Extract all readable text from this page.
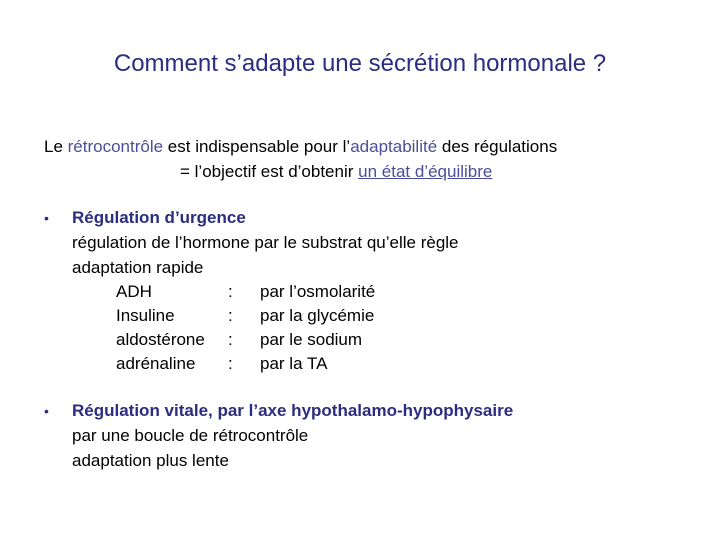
Comment s’adapte une sécrétion hormonale ?
Le rétrocontrôle est indispensable pour l’adaptabilité des régulations
= l’objectif est d’obtenir un état d’équilibre
• Régulation d’urgence
régulation de l’hormone par le substrat qu’elle règle
adaptation rapide
ADH	: par l’osmolarité
Insuline	: par la glycémie
aldostérone : par le sodium
adrénaline : par la TA
• Régulation vitale, par l’axe hypothalamo-hypophysaire
par une boucle de rétrocontrôle
adaptation plus lente
